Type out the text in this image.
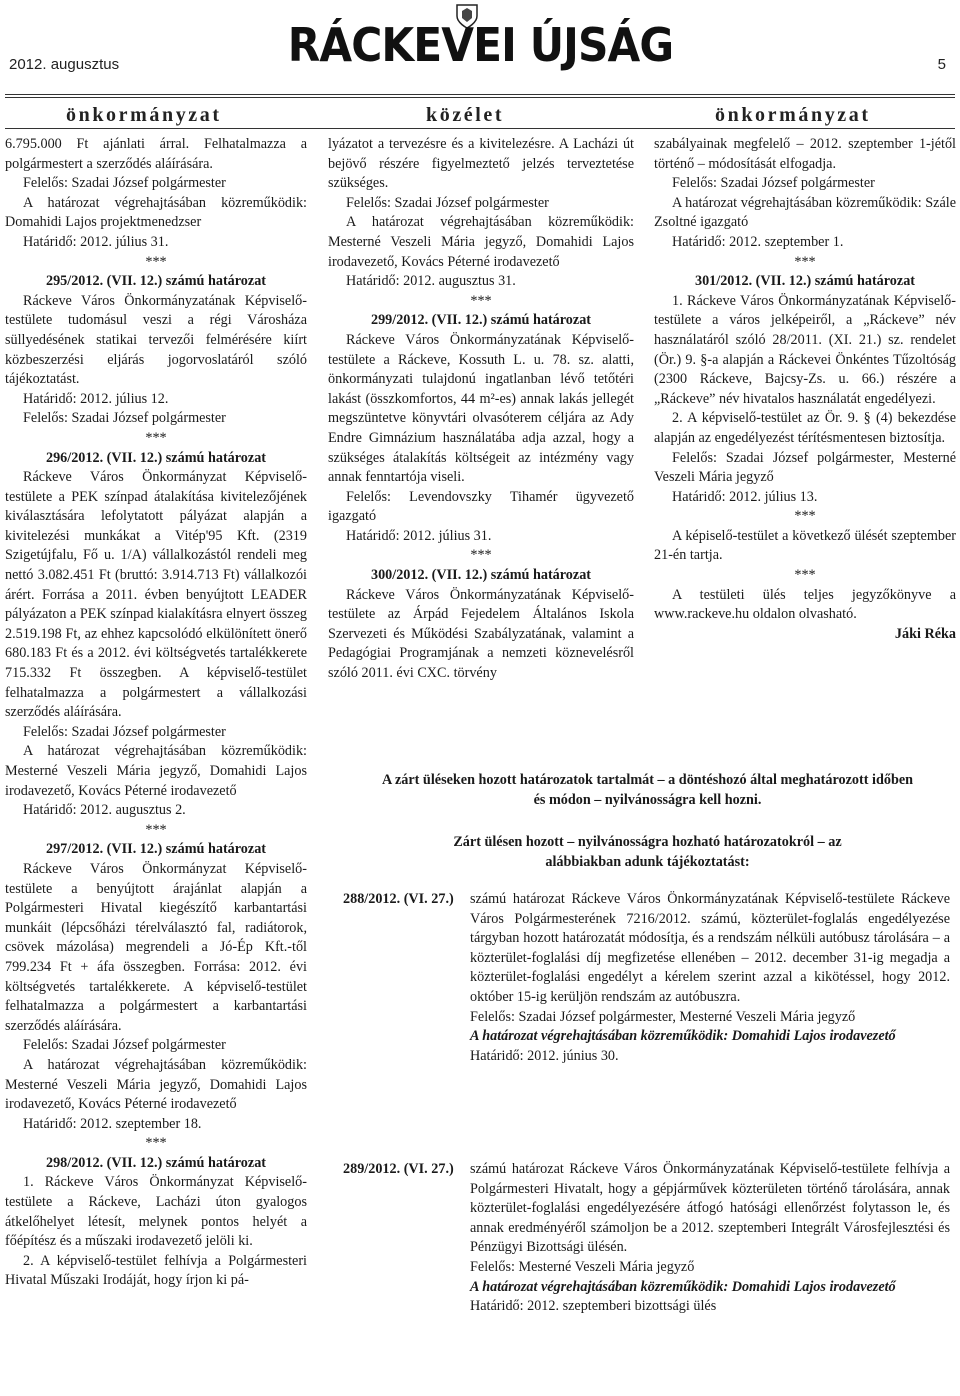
2012. augusztus	5
RÁCKEVEI ÚJSÁG
önkormányzat	közélet	önkormányzat

6.795.000 Ft ajánlati árral. Felhatalmazza a polgármestert a szerződés aláírására.

Felelős: Szadai József polgármester

A határozat végrehajtásában közreműködik: Domahidi Lajos projektmenedzser

Határidő: 2012. július 31.

***

295/2012. (VII. 12.) számú határozat

Ráckeve Város Önkormányzatának Képviselő-testülete tudomásul veszi a régi Városháza süllyedésének statikai tervezői felmérésére kiírt közbeszerzési eljárás jogorvoslatáról szóló tájékoztatást.

Határidő: 2012. július 12.

Felelős: Szadai József polgármester

***

296/2012. (VII. 12.) számú határozat

Ráckeve Város Önkormányzat Képviselő-testülete a PEK színpad átalakítása kivitelezőjének kiválasztására lefolytatott pályázat alapján a kivitelezési munkákat a Vitép'95 Kft. (2319 Szigetújfalu, Fő u. 1/A) vállalkozástól rendeli meg nettó 3.082.451 Ft (bruttó: 3.914.713 Ft) vállalkozói árért. Forrása a 2011. évben benyújtott LEADER pályázaton a PEK színpad kialakításra elnyert összeg 2.519.198 Ft, az ehhez kapcsolódó elkülönített önerő 680.183 Ft és a 2012. évi költségvetés tartalékkerete 715.332 Ft összegben. A képviselő-testület felhatalmazza a polgármestert a vállalkozási szerződés aláírására.

Felelős: Szadai József polgármester

A határozat végrehajtásában közreműködik: Mesterné Veszeli Mária jegyző, Domahidi Lajos irodavezető, Kovács Péterné irodavezető

Határidő: 2012. augusztus 2.

***

297/2012. (VII. 12.) számú határozat

Ráckeve Város Önkormányzat Képviselő-testülete a benyújtott árajánlat alapján a Polgármesteri Hivatal kiegészítő karbantartási munkáit (lépcsőházi térelválasztó fal, radiátorok, csövek mázolása) megrendeli a Jó-Ép Kft.-től 799.234 Ft + áfa összegben. Forrása: 2012. évi költségvetés tartalékkerete. A képviselő-testület felhatalmazza a polgármestert a karbantartási szerződés aláírására.

Felelős: Szadai József polgármester

A határozat végrehajtásában közreműködik: Mesterné Veszeli Mária jegyző, Domahidi Lajos irodavezető, Kovács Péterné irodavezető

Határidő: 2012. szeptember 18.

***

298/2012. (VII. 12.) számú határozat

1. Ráckeve Város Önkormányzat Képviselő-testülete a Ráckeve, Lacházi úton gyalogos átkelőhelyet létesít, melynek pontos helyét a főépítész és a műszaki irodavezető jelöli ki.

2. A képviselő-testület felhívja a Polgármesteri Hivatal Műszaki Irodáját, hogy írjon ki pá-

lyázatot a tervezésre és a kivitelezésre. A Lacházi út bejövő részére figyelmeztető jelzés terveztetése szükséges.

Felelős: Szadai József polgármester

A határozat végrehajtásában közreműködik: Mesterné Veszeli Mária jegyző, Domahidi Lajos irodavezető, Kovács Péterné irodavezető

Határidő: 2012. augusztus 31.

***

299/2012. (VII. 12.) számú határozat

Ráckeve Város Önkormányzatának Képviselő-testülete a Ráckeve, Kossuth L. u. 78. sz. alatti, önkormányzati tulajdonú ingatlanban lévő tetőtéri lakást (összkomfortos, 44 m²-es) annak lakás jellegét megszüntetve könyvtári olvasóterem céljára az Ady Endre Gimnázium használatába adja azzal, hogy a szükséges átalakítás költségeit az intézmény vagy annak fenntartója viseli.

Felelős: Levendovszky Tihamér ügyvezető igazgató

Határidő: 2012. július 31.

***

300/2012. (VII. 12.) számú határozat

Ráckeve Város Önkormányzatának Képviselő-testülete az Árpád Fejedelem Általános Iskola Szervezeti és Működési Szabályzatának, valamint a Pedagógiai Programjának a nemzeti köznevelésről szóló 2011. évi CXC. törvény

szabályainak megfelelő – 2012. szeptember 1-jétől történő – módosítását elfogadja.

Felelős: Szadai József polgármester

A határozat végrehajtásában közreműködik: Szále Zsoltné igazgató

Határidő: 2012. szeptember 1.

***

301/2012. (VII. 12.) számú határozat

1. Ráckeve Város Önkormányzatának Képviselő-testülete a város jelképeiről, a „Ráckeve” név használatáról szóló 28/2011. (XI. 21.) sz. rendelet (Ör.) 9. §-a alapján a Ráckevei Önkéntes Tűzoltóság (2300 Ráckeve, Bajcsy-Zs. u. 66.) részére a „Ráckeve” név hivatalos használatát engedélyezi.

2. A képviselő-testület az Ör. 9. § (4) bekezdése alapján az engedélyezést térítésmentesen biztosítja.

Felelős: Szadai József polgármester, Mesterné Veszeli Mária jegyző

Határidő: 2012. július 13.

***

A képiselő-testület a következő ülését szeptember 21-én tartja.

***

A testületi ülés teljes jegyzőkönyve a www.rackeve.hu oldalon olvasható.

Jáki Réka

A zárt üléseken hozott határozatok tartalmát – a döntéshozó által meghatározott időben és módon – nyilvánosságra kell hozni.

Zárt ülésen hozott – nyilvánosságra hozható határozatokról – az alábbiakban adunk tájékoztatást:

288/2012. (VI. 27.) számú határozat Ráckeve Város Önkormányzatának Képviselő-testülete Ráckeve Város Polgármesterének 7216/2012. számú, közterület-foglalás engedélyezése tárgyban hozott határozatát módosítja, és a rendszám nélküli autóbusz tárolására – a közterület-foglalási díj megfizetése ellenében – 2012. december 31-ig megadja a közterület-foglalási engedélyt a kérelem szerint azzal a kikötéssel, hogy 2012. október 15-ig kerüljön rendszám az autóbuszra.

Felelős: Szadai József polgármester, Mesterné Veszeli Mária jegyző

A határozat végrehajtásában közreműködik: Domahidi Lajos irodavezető

Határidő: 2012. június 30.

289/2012. (VI. 27.) számú határozat Ráckeve Város Önkormányzatának Képviselő-testülete felhívja a Polgármesteri Hivatalt, hogy a gépjárművek közterületen történő tárolására, annak közterület-foglalási engedélyezésére átfogó hatósági ellenőrzést folytasson le, és annak eredményéről számoljon be a 2012. szeptemberi Integrált Városfejlesztési és Pénzügyi Bizottsági ülésén.

Felelős: Mesterné Veszeli Mária jegyző

A határozat végrehajtásában közreműködik: Domahidi Lajos irodavezető

Határidő: 2012. szeptemberi bizottsági ülés
